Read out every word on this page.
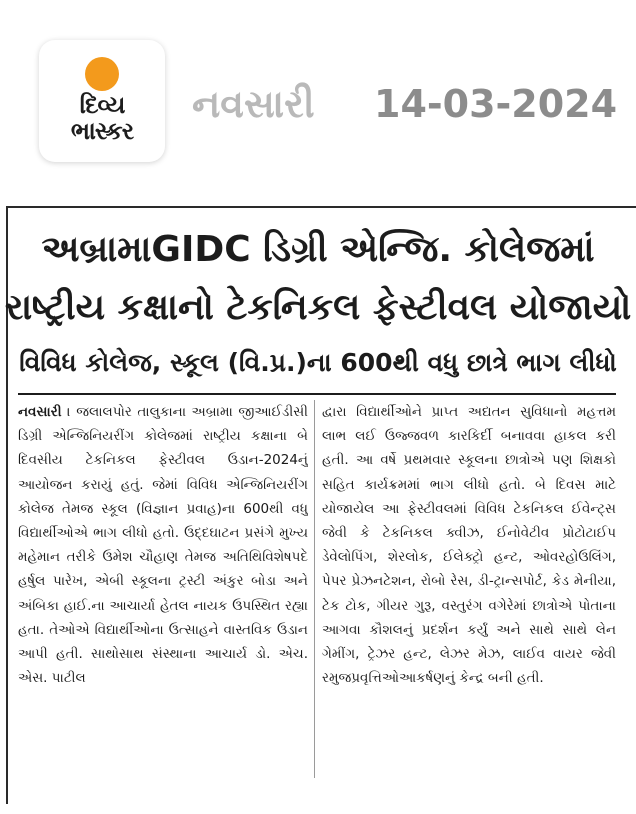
દિવ્ય
ભાસ્કર
નવસારી 14-03-2024
અબ્રામાGIDC ડિગ્રી એન્જિ. કોલેજમાં
રાષ્ટ્રીય કક્ષાનો ટેકનિકલ ફેસ્ટીવલ યોજાયો
વિવિધ કોલેજ, સ્કૂલ (વિ.પ્ર.)ના 600થી વધુ છાત્રે ભાગ લીધો
નવસારી । જલાલપોર તાલુકાના અબ્રામા જીઆઈડીસી ડિગ્રી એન્જિનિયરીંગ કોલેજમાં રાષ્ટ્રીય કક્ષાના બે દિવસીય ટેકનિકલ ફેસ્ટીવલ ઉડાન-2024નું આયોજન કરાયું હતું. જેમાં વિવિધ એન્જિનિયરીંગ કોલેજ તેમજ સ્કૂલ (વિજ્ઞાન પ્રવાહ)ના 600થી વધુ વિદ્યાર્થીઓએ ભાગ લીધો હતો. ઉદ્દઘાટન પ્રસંગે મુખ્ય મહેમાન તરીકે ઉમેશ ચૌહાણ તેમજ અતિથિવિશેષપદે હર્ષુલ પારેખ, એબી સ્કૂલના ટ્રસ્ટી અંકુર બોડા અને અંબિકા હાઈ.ના આચાર્યા હેતલ નાયક ઉપસ્થિત રહ્યા હતા. તેઓએ વિદ્યાર્થીઓના ઉત્સાહને વાસ્તવિક ઉડાન આપી હતી. સાથોસાથ સંસ્થાના આચાર્ય ડો. એચ. એસ. પાટીલ
દ્વારા વિદ્યાર્થીઓને પ્રાપ્ત અદ્યતન સુવિધાનો મહત્તમ લાભ લઈ ઉજ્જવળ કારકિર્દી બનાવવા હાકલ કરી હતી. આ વર્ષે પ્રથમવાર સ્કૂલના છાત્રોએ પણ શિક્ષકો સહિત કાર્યક્રમમાં ભાગ લીધો હતો. બે દિવસ માટે યોજાયેલ આ ફેસ્ટીવલમાં વિવિધ ટેકનિકલ ઈવેન્ટ્સ જેવી કે ટેકનિકલ ક્વીઝ, ઈનોવેટીવ પ્રોટોટાઈપ ડેવેલોપિંગ, શેરલોક, ઈલેક્ટ્રો હન્ટ, ઓવરહોઉલિંગ, પેપર પ્રેઝનટેશન, રોબો રેસ, ડી-ટ્રાન્સપોર્ટ, કેડ મેનીયા, ટેક ટોક, ગીયર ગુરૂ, વસ્તુરંગ વગેરેમાં છાત્રોએ પોતાના આગવા કૌશલનું પ્રદર્શન કર્યું અને સાથે સાથે લેન ગેમીંગ, ટ્રેઝર હન્ટ, લેઝર મેઝ, લાઈવ વાયર જેવી રમુજપ્રવૃત્તિઓઆકર્ષણનું કેન્દ્ર બની હતી.
